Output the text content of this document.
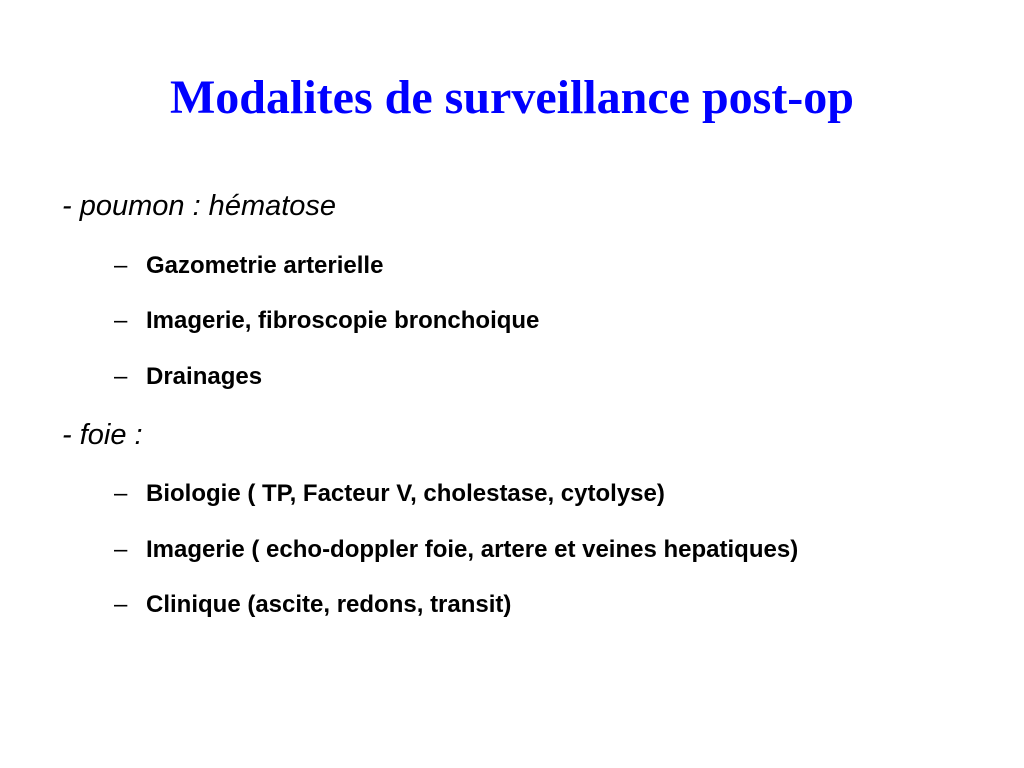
Modalites de surveillance post-op
- poumon : hématose
– Gazometrie arterielle
– Imagerie, fibroscopie bronchoique
– Drainages
- foie :
– Biologie ( TP, Facteur V, cholestase, cytolyse)
– Imagerie ( echo-doppler foie, artere et veines hepatiques)
– Clinique (ascite, redons, transit)
